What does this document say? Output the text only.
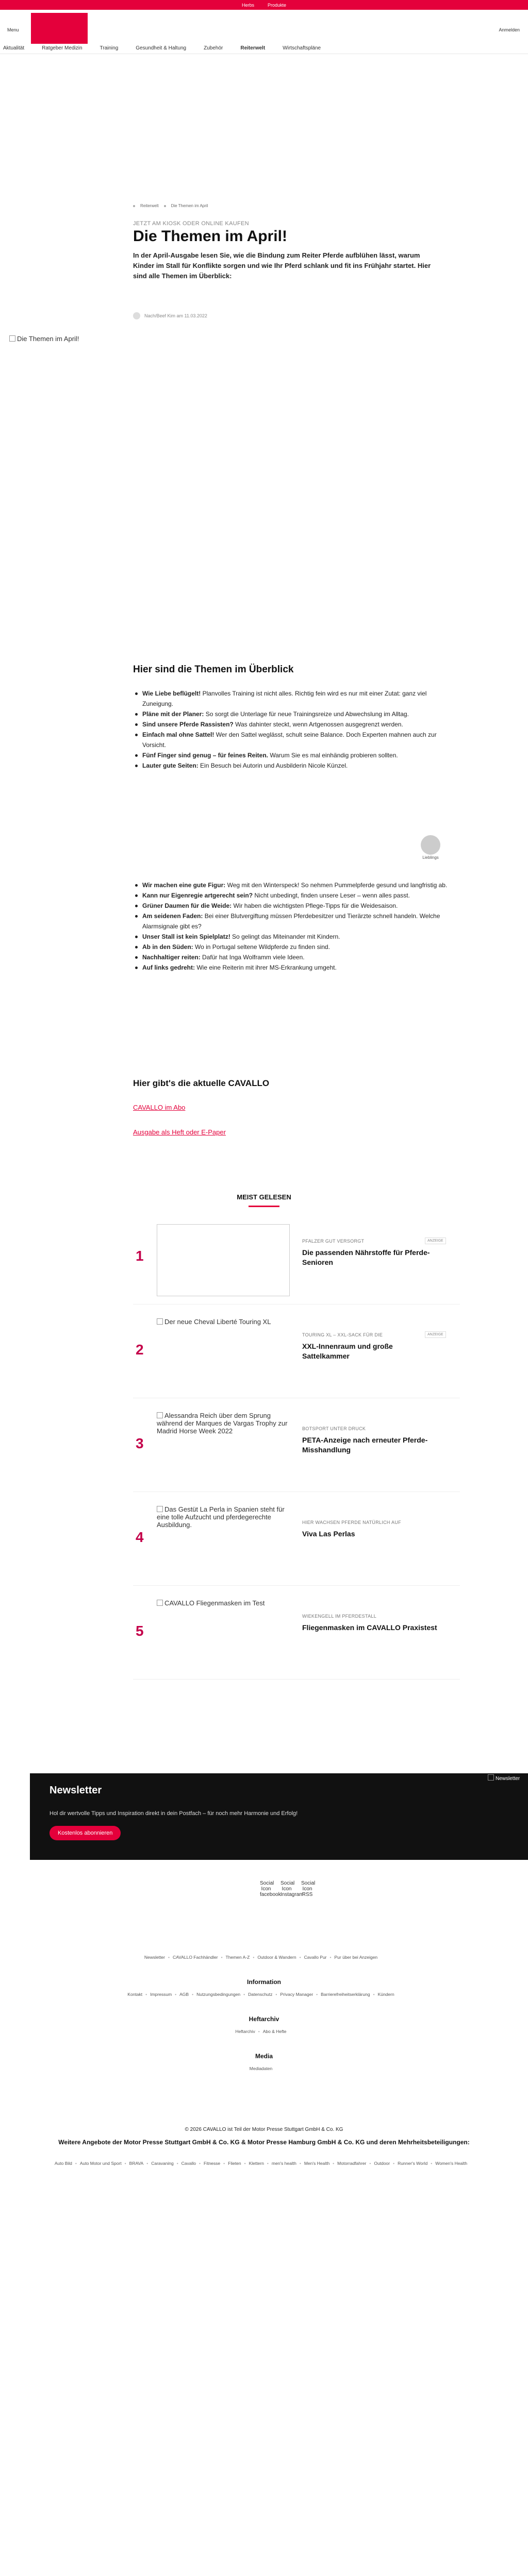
Herbs	Produkte
Menu	Anmelden
Aktualität	Ratgeber Medizin	Training	Gesundheit & Haltung	Zubehör	Reiterwelt	Wirtschaftspläne
Reiterwelt	Die Themen im April
JETZT AM KIOSK ODER ONLINE KAUFEN
Die Themen im April!
In der April-Ausgabe lesen Sie, wie die Bindung zum Reiter Pferde aufblühen lässt, warum Kinder im Stall für Konflikte sorgen und wie Ihr Pferd schlank und fit ins Frühjahr startet. Hier sind alle Themen im Überblick:
Nach/Beef Kim am 11.03.2022
Die Themen im April!
Hier sind die Themen im Überblick
Wie Liebe beflügelt! Planvolles Training ist nicht alles. Richtig fein wird es nur mit einer Zutat: ganz viel Zuneigung.
Pläne mit der Planer: So sorgt die Unterlage für neue Trainingsreize und Abwechslung im Alltag.
Sind unsere Pferde Rassisten? Was dahinter steckt, wenn Artgenossen ausgegrenzt werden.
Einfach mal ohne Sattel! Wer den Sattel weglässt, schult seine Balance. Doch Experten mahnen auch zur Vorsicht.
Fünf Finger sind genug – für feines Reiten. Warum Sie es mal einhändig probieren sollten.
Lauter gute Seiten: Ein Besuch bei Autorin und Ausbilderin Nicole Künzel.
Lieblings
Wir machen eine gute Figur: Weg mit den Winterspeck! So nehmen Pummelpferde gesund und langfristig ab.
Kann nur Eigenregie artgerecht sein? Nicht unbedingt, finden unsere Leser – wenn alles passt.
Grüner Daumen für die Weide: Wir haben die wichtigsten Pflege-Tipps für die Weidesaison.
Am seidenen Faden: Bei einer Blutvergiftung müssen Pferdebesitzer und Tierärzte schnell handeln. Welche Alarmsignale gibt es?
Unser Stall ist kein Spielplatz! So gelingt das Miteinander mit Kindern.
Ab in den Süden: Wo in Portugal seltene Wildpferde zu finden sind.
Nachhaltiger reiten: Dafür hat Inga Wolframm viele Ideen.
Auf links gedreht: Wie eine Reiterin mit ihrer MS-Erkrankung umgeht.
Hier gibt's die aktuelle CAVALLO
CAVALLO im Abo
Ausgabe als Heft oder E-Paper
MEIST GELESEN
1
PFALZER GUT VERSORGT	ANZEIGE
Die passenden Nährstoffe für Pferde-Senioren
2
Der neue Cheval Liberté Touring XL
TOURING XL – XXL-SACK FÜR DIE	ANZEIGE
XXL-Innenraum und große Sattelkammer
3
Alessandra Reich über dem Sprung während der Marques de Vargas Trophy zur Madrid Horse Week 2022	BOTSPORT UNTER DRUCK
PETA-Anzeige nach erneuter Pferde-Misshandlung
4
Das Gestüt La Perla in Spanien steht für eine tolle Aufzucht und pferdegerechte Ausbildung.	HIER WACHSEN PFERDE NATÜRLICH AUF
Viva Las Perlas
5
CAVALLO Fliegenmasken im Test
WIEKENGELL IM PFERDESTALL
Fliegenmasken im CAVALLO Praxistest
Newsletter
Hol dir wertvolle Tipps und Inspiration direkt in dein Postfach – für noch mehr Harmonie und Erfolg!
Kostenlos abonnieren
Newsletter
Social Icon facebook
Social Icon Instagram
Social Icon RSS
Newsletter • CAVALLO Fachhändler • Themen A-Z • Outdoor & Wandern • Cavallo Pur • Pur über bei Anzeigen
Information
Kontakt • Impressum • AGB • Nutzungsbedingungen • Datenschutz • Privacy Manager • Barrierefreiheitserklärung • Kündern
Heftarchiv
Heftarchiv • Abo & Hefte
Media
Mediadaten
© 2026 CAVALLO ist Teil der Motor Presse Stuttgart GmbH & Co. KG
Weitere Angebote der Motor Presse Stuttgart GmbH & Co. KG & Motor Presse Hamburg GmbH & Co. KG und deren Mehrheitsbeteiligungen:
Auto Bild • Auto Motor und Sport • BRAVA • Caravaning • Cavallo • Fitnesse • Flieten • Klettern • men's health • Men's Health • Motorradfahrer • Outdoor • Runner's World • Women's Health
